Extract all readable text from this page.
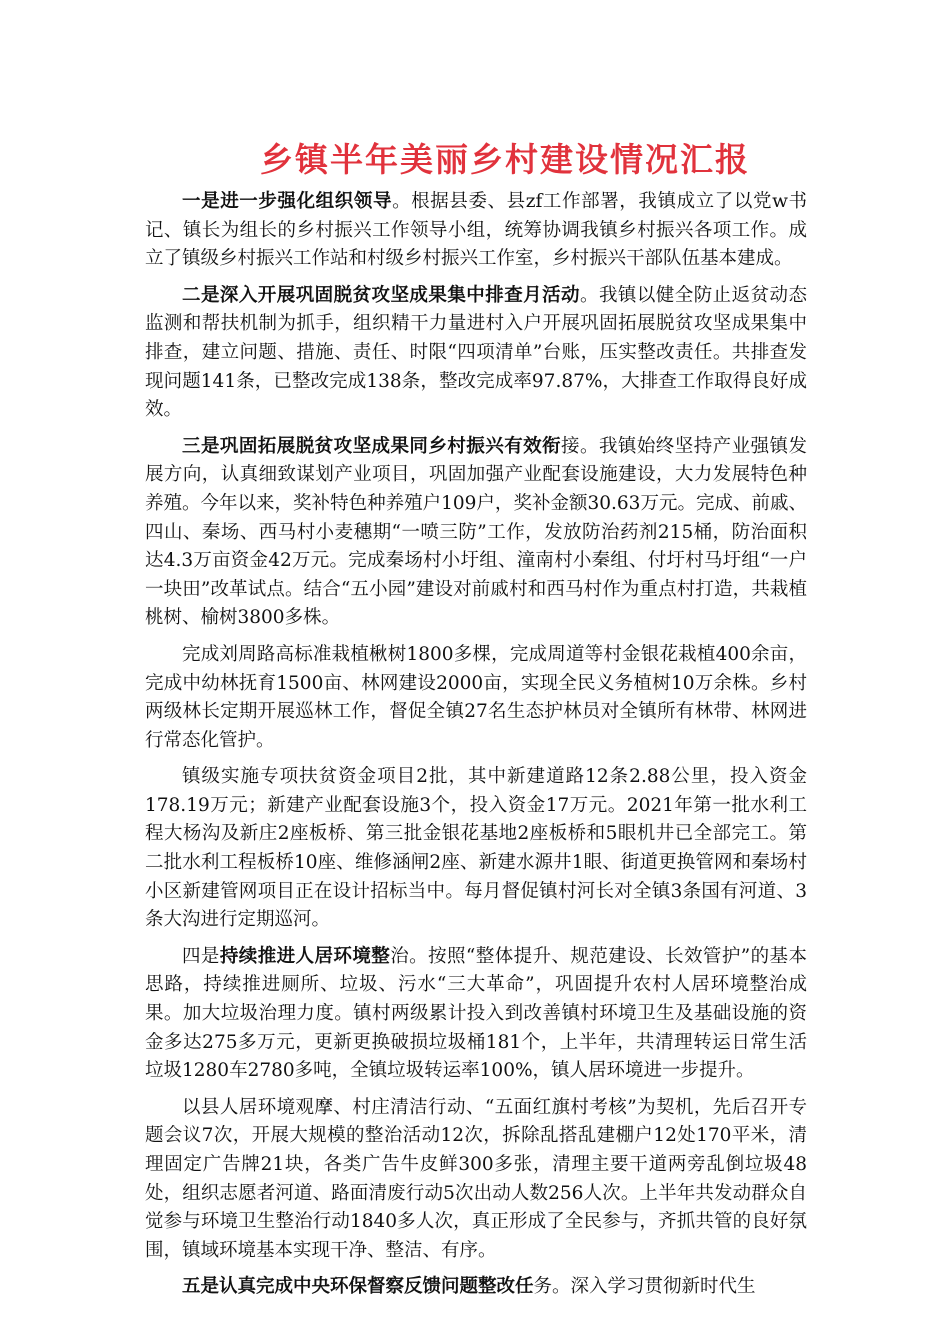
乡镇半年美丽乡村建设情况汇报

一是进一步强化组织领导。根据县委、县zf工作部署，我镇成立了以党w书记、镇长为组长的乡村振兴工作领导小组，统筹协调我镇乡村振兴各项工作。成立了镇级乡村振兴工作站和村级乡村振兴工作室，乡村振兴干部队伍基本建成。

二是深入开展巩固脱贫攻坚成果集中排查月活动。我镇以健全防止返贫动态监测和帮扶机制为抓手，组织精干力量进村入户开展巩固拓展脱贫攻坚成果集中排查，建立问题、措施、责任、时限“四项清单”台账，压实整改责任。共排查发现问题141条，已整改完成138条，整改完成率97.87%，大排查工作取得良好成效。

三是巩固拓展脱贫攻坚成果同乡村振兴有效衔接。我镇始终坚持产业强镇发展方向，认真细致谋划产业项目，巩固加强产业配套设施建设，大力发展特色种养殖。今年以来，奖补特色种养殖户109户，奖补金额30.63万元。完成、前戚、四山、秦场、西马村小麦穗期“一喷三防”工作，发放防治药剂215桶，防治面积达4.3万亩资金42万元。完成秦场村小圩组、潼南村小秦组、付圩村马圩组“一户一块田”改革试点。结合“五小园”建设对前戚村和西马村作为重点村打造，共栽植桃树、榆树3800多株。

完成刘周路高标准栽植楸树1800多棵，完成周道等村金银花栽植400余亩，完成中幼林抚育1500亩、林网建设2000亩，实现全民义务植树10万余株。乡村两级林长定期开展巡林工作，督促全镇27名生态护林员对全镇所有林带、林网进行常态化管护。

镇级实施专项扶贫资金项目2批，其中新建道路12条2.88公里，投入资金178.19万元；新建产业配套设施3个，投入资金17万元。2021年第一批水利工程大杨沟及新庄2座板桥、第三批金银花基地2座板桥和5眼机井已全部完工。第二批水利工程板桥10座、维修涵闸2座、新建水源井1眼、街道更换管网和秦场村小区新建管网项目正在设计招标当中。每月督促镇村河长对全镇3条国有河道、3条大沟进行定期巡河。

四是持续推进人居环境整治。按照“整体提升、规范建设、长效管护”的基本思路，持续推进厕所、垃圾、污水“三大革命”，巩固提升农村人居环境整治成果。加大垃圾治理力度。镇村两级累计投入到改善镇村环境卫生及基础设施的资金多达275多万元，更新更换破损垃圾桶181个，上半年，共清理转运日常生活垃圾1280车2780多吨，全镇垃圾转运率100%，镇人居环境进一步提升。

以县人居环境观摩、村庄清洁行动、“五面红旗村考核”为契机，先后召开专题会议7次，开展大规模的整治活动12次，拆除乱搭乱建棚户12处170平米，清理固定广告牌21块，各类广告牛皮鲜300多张，清理主要干道两旁乱倒垃圾48处，组织志愿者河道、路面清废行动5次出动人数256人次。上半年共发动群众自觉参与环境卫生整治行动1840多人次，真正形成了全民参与，齐抓共管的良好氛围，镇域环境基本实现干净、整洁、有序。

五是认真完成中央环保督察反馈问题整改任务。深入学习贯彻新时代生
